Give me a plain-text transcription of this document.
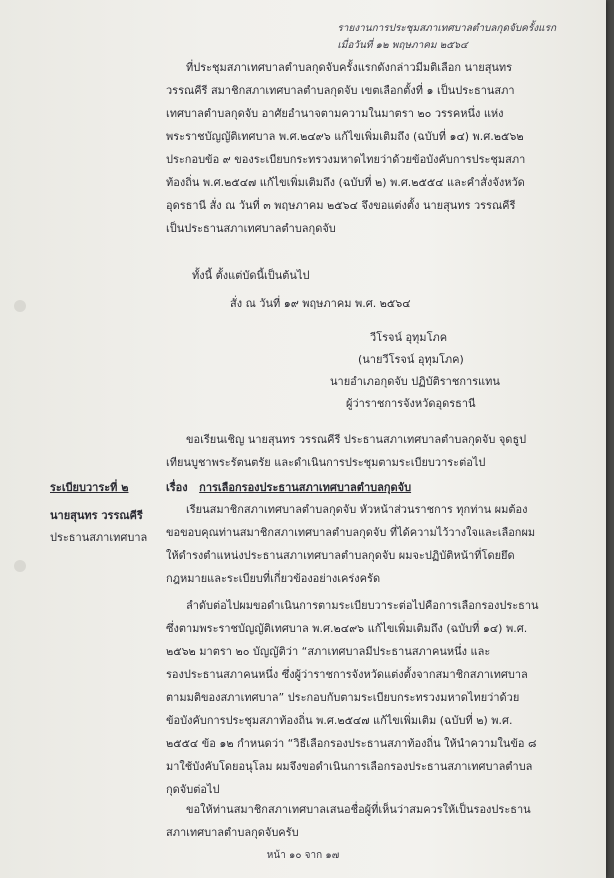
รายงานการประชุมสภาเทศบาลตำบลกุดจับครั้งแรก
เมื่อวันที่ ๑๒ พฤษภาคม ๒๕๖๔
ที่ประชุมสภาเทศบาลตำบลกุดจับครั้งแรกดังกล่าวมีมติเลือก นายสุนทร
วรรณคีรี สมาชิกสภาเทศบาลตำบลกุดจับ เขตเลือกตั้งที่ ๑ เป็นประธานสภา
เทศบาลตำบลกุดจับ อาศัยอำนาจตามความในมาตรา ๒๐ วรรคหนึ่ง แห่ง
พระราชบัญญัติเทศบาล พ.ศ.๒๔๙๖ แก้ไขเพิ่มเติมถึง (ฉบับที่ ๑๔) พ.ศ.๒๕๖๒
ประกอบข้อ ๙ ของระเบียบกระทรวงมหาดไทยว่าด้วยข้อบังคับการประชุมสภา
ท้องถิ่น พ.ศ.๒๕๔๗ แก้ไขเพิ่มเติมถึง (ฉบับที่ ๒) พ.ศ.๒๕๕๔ และคำสั่งจังหวัด
อุดรธานี สั่ง ณ วันที่ ๓ พฤษภาคม ๒๕๖๔ จึงขอแต่งตั้ง นายสุนทร วรรณคีรี
เป็นประธานสภาเทศบาลตำบลกุดจับ
ทั้งนี้ ตั้งแต่บัดนี้เป็นต้นไป
สั่ง ณ วันที่ ๑๙ พฤษภาคม พ.ศ. ๒๕๖๔
วีโรจน์ อุทุมโภค
(นายวีโรจน์ อุทุมโภค)
นายอำเภอกุดจับ ปฏิบัติราชการแทน
ผู้ว่าราชการจังหวัดอุดรธานี
ขอเรียนเชิญ นายสุนทร วรรณคีรี ประธานสภาเทศบาลตำบลกุดจับ จุดธูป
เทียนบูชาพระรัตนตรัย และดำเนินการประชุมตามระเบียบวาระต่อไป
ระเบียบวาระที่ ๒	เรื่อง การเลือกรองประธานสภาเทศบาลตำบลกุดจับ
นายสุนทร วรรณคีรี
ประธานสภาเทศบาล
เรียนสมาชิกสภาเทศบาลตำบลกุดจับ หัวหน้าส่วนราชการ ทุกท่าน ผมต้อง
ขอขอบคุณท่านสมาชิกสภาเทศบาลตำบลกุดจับ ที่ได้ความไว้วางใจและเลือกผม
ให้ดำรงตำแหน่งประธานสภาเทศบาลตำบลกุดจับ ผมจะปฏิบัติหน้าที่โดยยึด
กฎหมายและระเบียบที่เกี่ยวข้องอย่างเคร่งครัด
ลำดับต่อไปผมขอดำเนินการตามระเบียบวาระต่อไปคือการเลือกรองประธาน
ซึ่งตามพระราชบัญญัติเทศบาล พ.ศ.๒๔๙๖ แก้ไขเพิ่มเติมถึง (ฉบับที่ ๑๔) พ.ศ.
๒๕๖๒ มาตรา ๒๐ บัญญัติว่า “สภาเทศบาลมีประธานสภาคนหนึ่ง และ
รองประธานสภาคนหนึ่ง ซึ่งผู้ว่าราชการจังหวัดแต่งตั้งจากสมาชิกสภาเทศบาล
ตามมติของสภาเทศบาล” ประกอบกับตามระเบียบกระทรวงมหาดไทยว่าด้วย
ข้อบังคับการประชุมสภาท้องถิ่น พ.ศ.๒๕๔๗ แก้ไขเพิ่มเติม (ฉบับที่ ๒) พ.ศ.
๒๕๕๔ ข้อ ๑๒ กำหนดว่า “วิธีเลือกรองประธานสภาท้องถิ่น ให้นำความในข้อ ๘
มาใช้บังคับโดยอนุโลม ผมจึงขอดำเนินการเลือกรองประธานสภาเทศบาลตำบล
กุดจับต่อไป
ขอให้ท่านสมาชิกสภาเทศบาลเสนอชื่อผู้ที่เห็นว่าสมควรให้เป็นรองประธาน
สภาเทศบาลตำบลกุดจับครับ
หน้า ๑๐ จาก ๑๗
